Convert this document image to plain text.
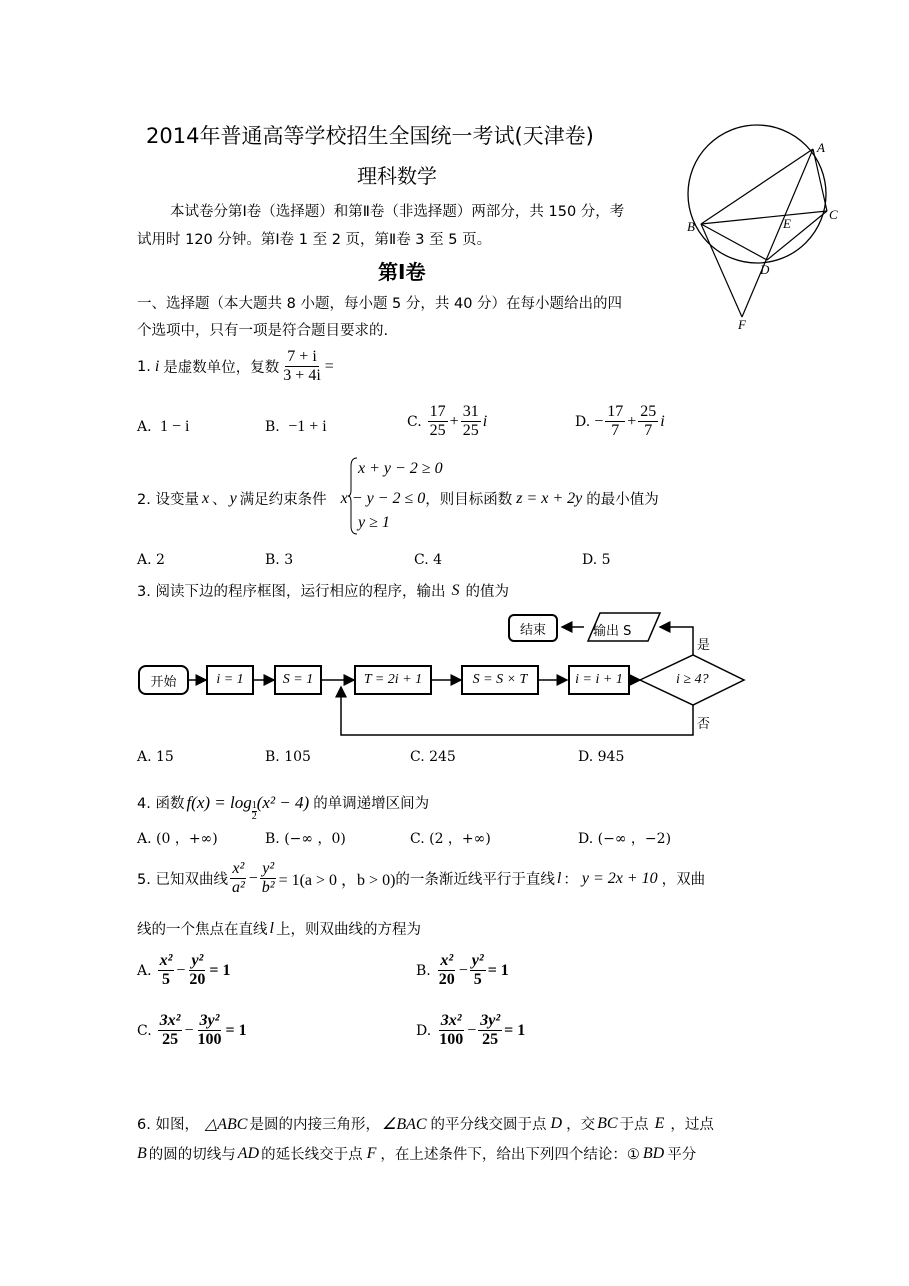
2014年普通高等学校招生全国统一考试(天津卷)
理科数学
本试卷分第Ⅰ卷（选择题）和第Ⅱ卷（非选择题）两部分，共 150 分，考
试用时 120 分钟。第Ⅰ卷 1 至 2 页，第Ⅱ卷 3 至 5 页。
第Ⅰ卷
A
B
C
D
E
F
一、选择题（本大题共 8 小题，每小题 5 分，共 40 分）在每小题给出的四
个选项中，只有一项是符合题目要求的.
1. i 是虚数单位，复数 $\frac{7 + i}{3 + 4i}$ =
A. 1 − i	B. −1 + i	C. $\frac{17}{25} + \frac{31}{25}$ i	D. − $\frac{17}{7} + \frac{25}{7}$ i
x + y − 2 ≥ 0
2. 设变量 x 、 y 满足约束条件 x − y − 2 ≤ 0 ，则目标函数 z = x + 2y 的最小值为
y ≥ 1
A. 2	B. 3	C. 4	D. 5
3. 阅读下边的程序框图，运行相应的程序，输出 S 的值为
开始	i = 1	S = 1	T = 2i + 1	S = S × T	i = i + 1	i ≥ 4?
是
否
输出 S
结束
A. 15	B. 105	C. 245	D. 945
4. 函数 f(x) = log 1
2
(x² − 4) 的单调递增区间为
A. (0 ，+∞)	B. (−∞ ，0)	C. (2 ，+∞)	D. (−∞ ，−2)
5. 已知双曲线 $\frac{\text{x²}}{\text{a²}} - \frac{\text{y²}}{\text{b²}} = 1(a > 0$ ，b > 0) 的一条渐近线平行于直线 l ： y = 2x + 10 ，双曲
线的一个焦点在直线 l 上，则双曲线的方程为
A. $\frac{\text{x²}}{5} - \frac{\text{y²}}{20} = 1$	B. $\frac{\text{x²}}{20} - \frac{\text{y²}}{5} = 1$
C. $\frac{\text{3x²}}{25} - \frac{\text{3y²}}{100} = 1$	D. $\frac{\text{3x²}}{100} - \frac{\text{3y²}}{25} = 1$
6. 如图， △ABC 是圆的内接三角形， ∠BAC 的平分线交圆于点 D ，交 BC 于点 E ，过点
B 的圆的切线与 AD 的延长线交于点 F ，在上述条件下，给出下列四个结论：① BD 平分
